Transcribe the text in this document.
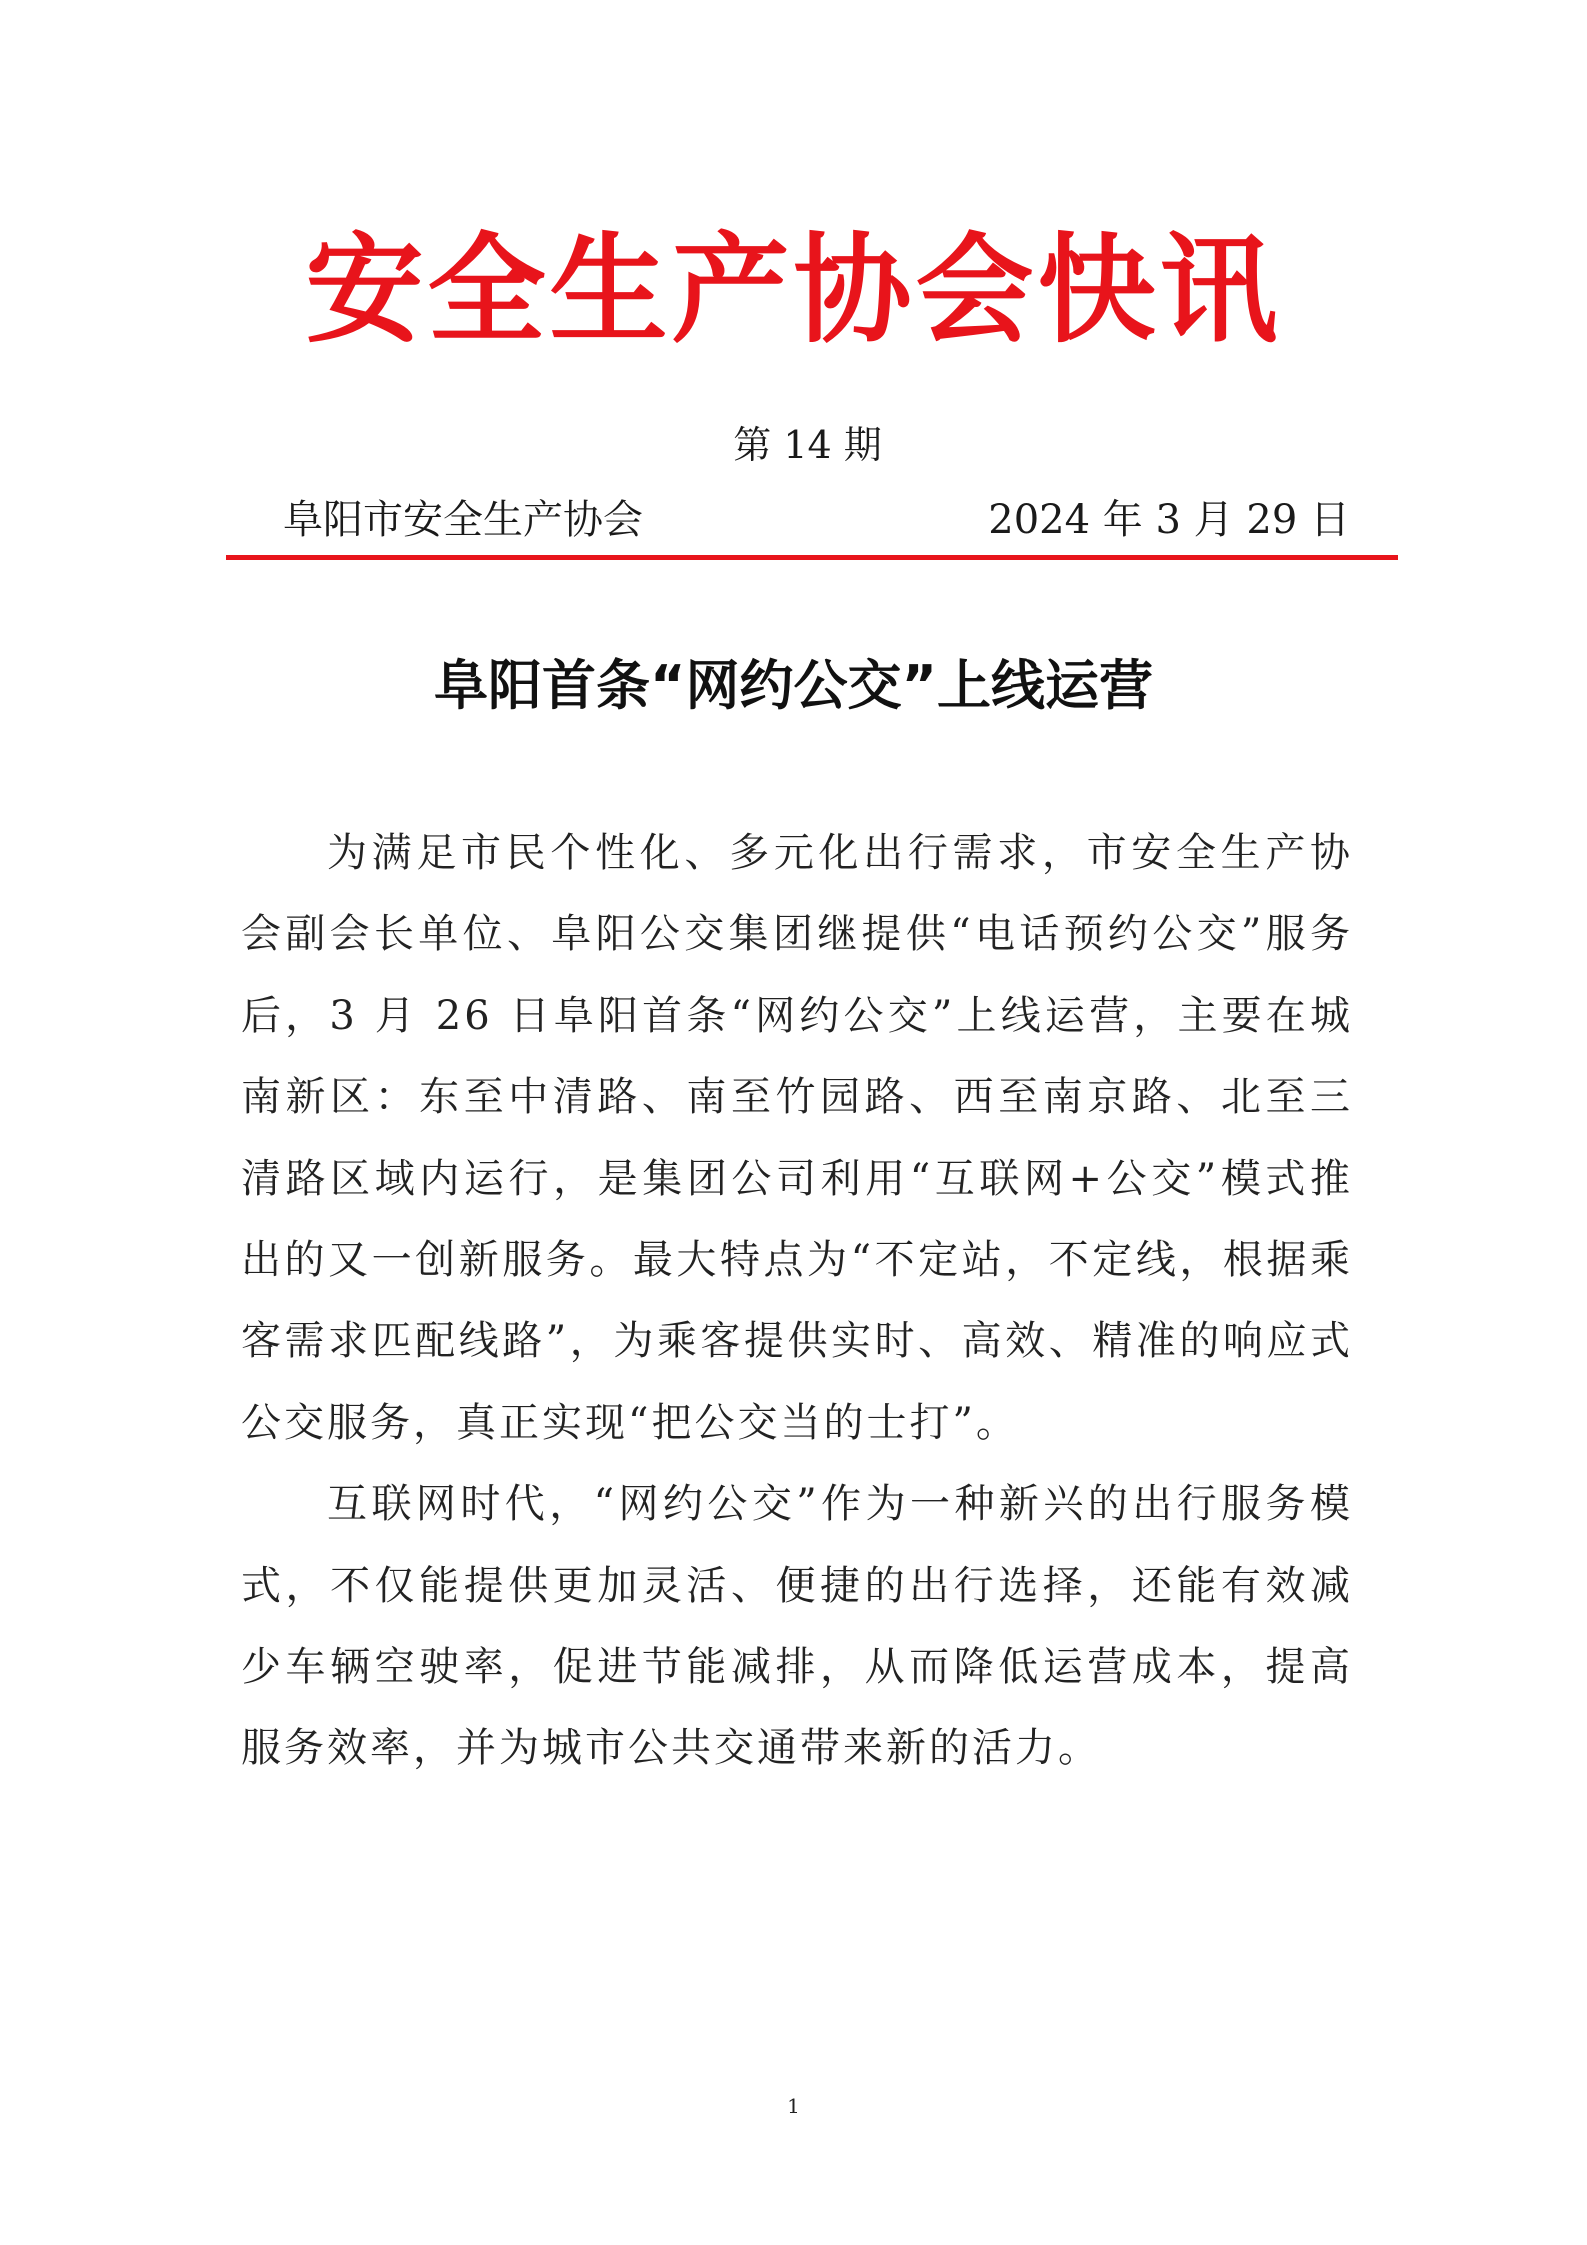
安全生产协会快讯
第 14 期
阜阳市安全生产协会	2024 年 3 月 29 日
阜阳首条“网约公交”上线运营

为满足市民个性化、多元化出行需求，市安全生产协会副会长单位、阜阳公交集团继提供“电话预约公交”服务后，3 月 26 日阜阳首条“网约公交”上线运营，主要在城南新区：东至中清路、南至竹园路、西至南京路、北至三清路区域内运行，是集团公司利用“互联网+公交”模式推出的又一创新服务。最大特点为“不定站，不定线，根据乘客需求匹配线路”，为乘客提供实时、高效、精准的响应式公交服务，真正实现“把公交当的士打”。

互联网时代，“网约公交”作为一种新兴的出行服务模式，不仅能提供更加灵活、便捷的出行选择，还能有效减少车辆空驶率，促进节能减排，从而降低运营成本，提高服务效率，并为城市公共交通带来新的活力。

1
